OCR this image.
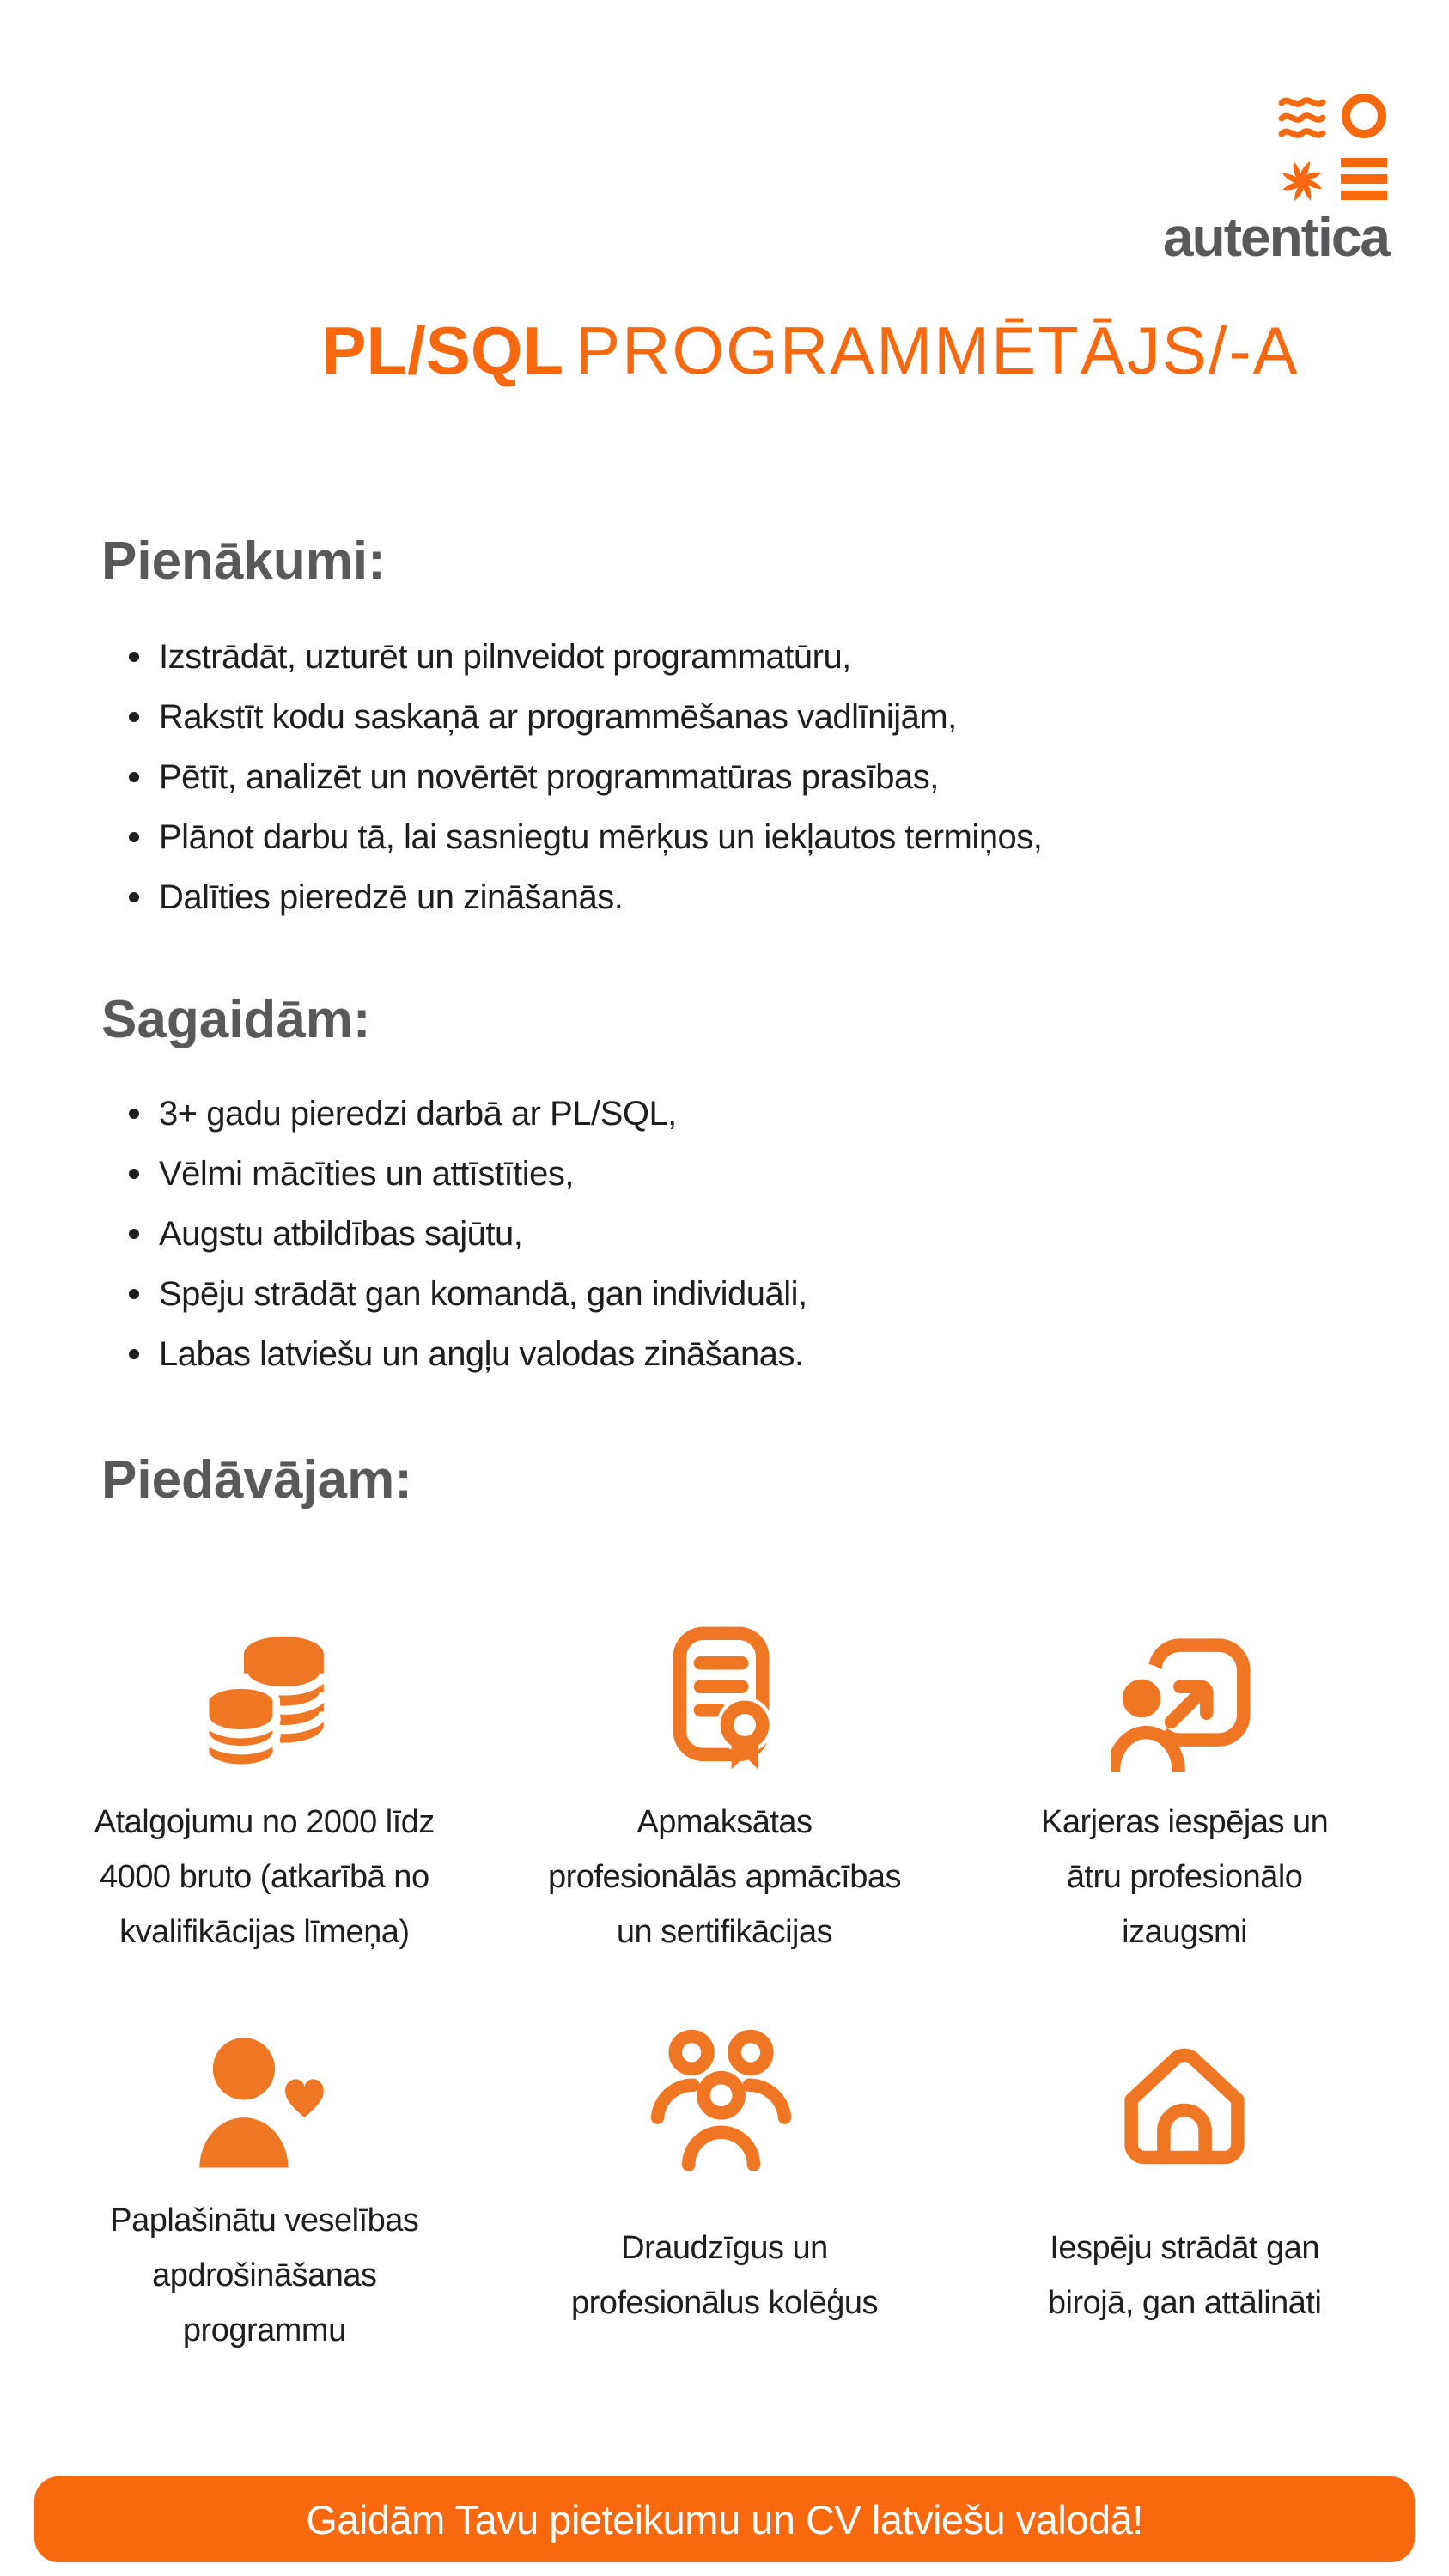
autentica
PL/SQL PROGRAMMĒTĀJS/-A
Pienākumi:
Izstrādāt, uzturēt un pilnveidot programmatūru,
Rakstīt kodu saskaņā ar programmēšanas vadlīnijām,
Pētīt, analizēt un novērtēt programmatūras prasības,
Plānot darbu tā, lai sasniegtu mērķus un iekļautos termiņos,
Dalīties pieredzē un zināšanās.
Sagaidām:
3+ gadu pieredzi darbā ar PL/SQL,
Vēlmi mācīties un attīstīties,
Augstu atbildības sajūtu,
Spēju strādāt gan komandā, gan individuāli,
Labas latviešu un angļu valodas zināšanas.
Piedāvājam:
Atalgojumu no 2000 līdz
4000 bruto (atkarībā no
kvalifikācijas līmeņa)
Apmaksātas
profesionālās apmācības
un sertifikācijas
Karjeras iespējas un
ātru profesionālo
izaugsmi
Paplašinātu veselības
apdrošināšanas
programmu
Draudzīgus un
profesionālus kolēģus
Iespēju strādāt gan
birojā, gan attālināti
Gaidām Tavu pieteikumu un CV latviešu valodā!
